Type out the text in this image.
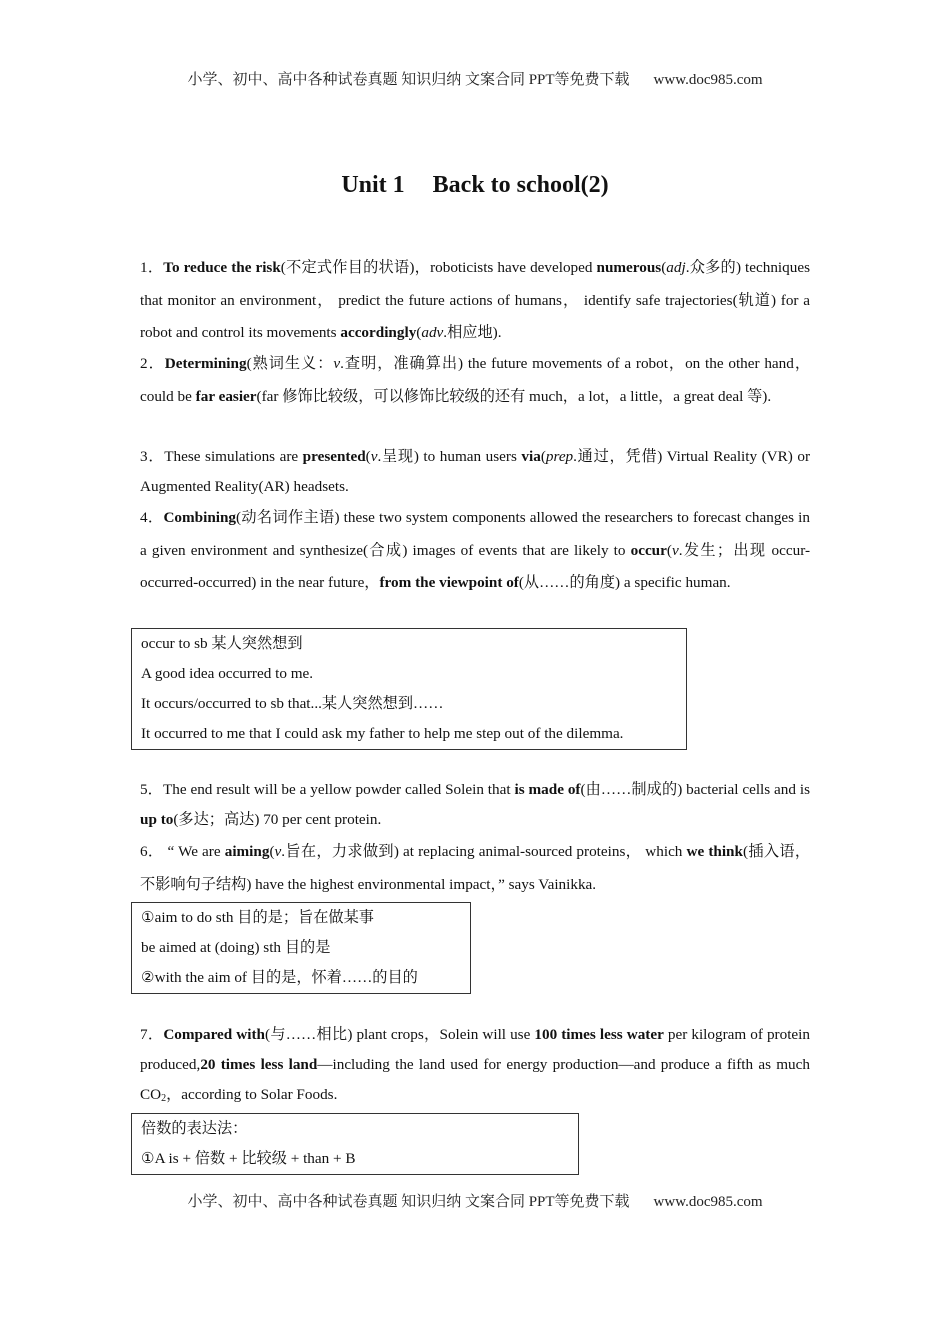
小学、初中、高中各种试卷真题 知识归纳 文案合同 PPT等免费下载 www.doc985.com
Unit 1 Back to school(2)
1．To reduce the risk(不定式作目的状语)，roboticists have developed numerous(adj.众多的) techniques that monitor an environment， predict the future actions of humans， identify safe trajectories(轨道) for a robot and control its movements accordingly(adv.相应地).
2．Determining(熟词生义：v.查明，准确算出) the future movements of a robot，on the other hand，could be far easier(far 修饰比较级，可以修饰比较级的还有 much，a lot，a little，a great deal 等).
3．These simulations are presented(v.呈现) to human users via(prep.通过，凭借) Virtual Reality (VR) or Augmented Reality(AR) headsets.
4．Combining(动名词作主语) these two system components allowed the researchers to forecast changes in a given environment and synthesize(合成) images of events that are likely to occur(v.发生；出现 occur-occurred-occurred) in the near future，from the viewpoint of(从……的角度) a specific human.
occur to sb 某人突然想到
A good idea occurred to me.
It occurs/occurred to sb that...某人突然想到……
It occurred to me that I could ask my father to help me step out of the dilemma.
5．The end result will be a yellow powder called Solein that is made of(由……制成的) bacterial cells and is up to(多达；高达) 70 per cent protein.
6． “ We are aiming(v.旨在，力求做到) at replacing animal-sourced proteins， which we think(插入语，不影响句子结构) have the highest environmental impact，” says Vainikka.
①aim to do sth 目的是；旨在做某事
be aimed at (doing) sth 目的是
②with the aim of 目的是，怀着……的目的
7．Compared with(与……相比) plant crops，Solein will use 100 times less water per kilogram of protein produced,20 times less land—including the land used for energy production—and produce a fifth as much $CO_2$，according to Solar Foods.
倍数的表达法：
①A is + 倍数 + 比较级 + than + B
小学、初中、高中各种试卷真题 知识归纳 文案合同 PPT等免费下载 www.doc985.com
